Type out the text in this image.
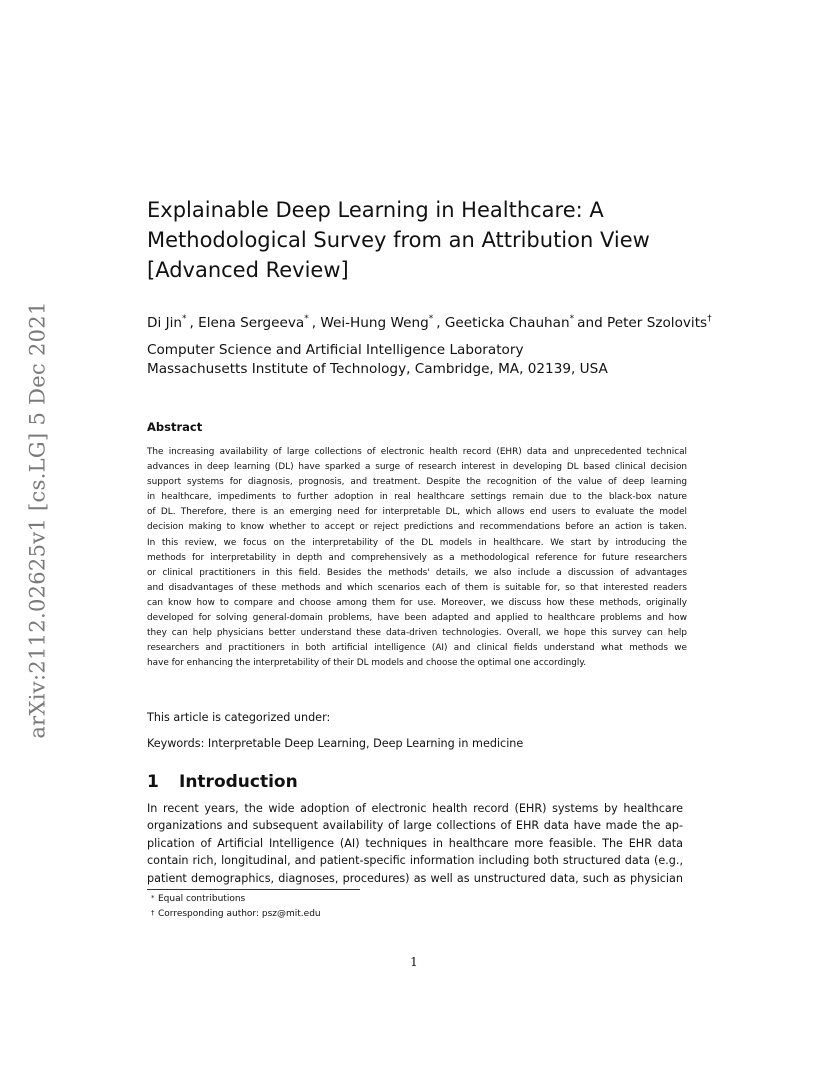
arXiv:2112.02625v1 [cs.LG] 5 Dec 2021
Explainable Deep Learning in Healthcare: A
Methodological Survey from an Attribution View
[Advanced Review]
Di Jin* , Elena Sergeeva* , Wei-Hung Weng* , Geeticka Chauhan* and Peter Szolovits†
Computer Science and Artificial Intelligence Laboratory
Massachusetts Institute of Technology, Cambridge, MA, 02139, USA
Abstract
The increasing availability of large collections of electronic health record (EHR) data and unprecedented technical
advances in deep learning (DL) have sparked a surge of research interest in developing DL based clinical decision
support systems for diagnosis, prognosis, and treatment. Despite the recognition of the value of deep learning
in healthcare, impediments to further adoption in real healthcare settings remain due to the black-box nature
of DL. Therefore, there is an emerging need for interpretable DL, which allows end users to evaluate the model
decision making to know whether to accept or reject predictions and recommendations before an action is taken.
In this review, we focus on the interpretability of the DL models in healthcare. We start by introducing the
methods for interpretability in depth and comprehensively as a methodological reference for future researchers
or clinical practitioners in this field. Besides the methods' details, we also include a discussion of advantages
and disadvantages of these methods and which scenarios each of them is suitable for, so that interested readers
can know how to compare and choose among them for use. Moreover, we discuss how these methods, originally
developed for solving general-domain problems, have been adapted and applied to healthcare problems and how
they can help physicians better understand these data-driven technologies. Overall, we hope this survey can help
researchers and practitioners in both artificial intelligence (AI) and clinical fields understand what methods we
have for enhancing the interpretability of their DL models and choose the optimal one accordingly.
This article is categorized under:
Keywords: Interpretable Deep Learning, Deep Learning in medicine
1 Introduction
In recent years, the wide adoption of electronic health record (EHR) systems by healthcare
organizations and subsequent availability of large collections of EHR data have made the ap-
plication of Artificial Intelligence (AI) techniques in healthcare more feasible. The EHR data
contain rich, longitudinal, and patient-specific information including both structured data (e.g.,
patient demographics, diagnoses, procedures) as well as unstructured data, such as physician
* Equal contributions
† Corresponding author: psz@mit.edu
1
